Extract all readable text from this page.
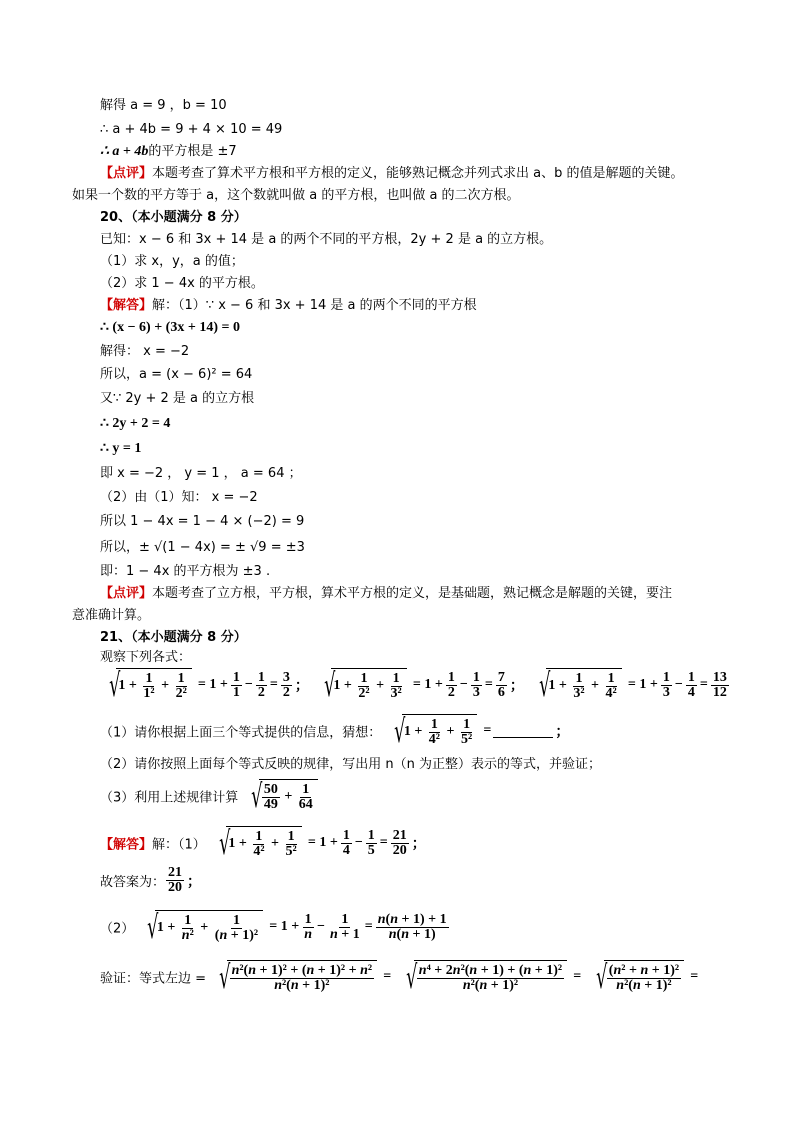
解得 a = 9 ，b = 10
∴ a + 4b = 9 + 4 × 10 = 49
∴ a + 4b的平方根是 ±7
【点评】本题考查了算术平方根和平方根的定义，能够熟记概念并列式求出 a、b 的值是解题的关键。
如果一个数的平方等于 a，这个数就叫做 a 的平方根，也叫做 a 的二次方根。
20、（本小题满分 8 分）
已知：x − 6 和 3x + 14 是 a 的两个不同的平方根，2y + 2 是 a 的立方根。
（1）求 x，y，a 的值；
（2）求 1 − 4x 的平方根。
【解答】解：（1）∵ x − 6 和 3x + 14 是 a 的两个不同的平方根
∴ (x − 6) + (3x + 14) = 0
解得： x = −2
所以，a = (x − 6)² = 64
又∵ 2y + 2 是 a 的立方根
∴ 2y + 2 = 4
∴ y = 1
即 x = −2 ， y = 1 ， a = 64 ；
（2）由（1）知： x = −2
所以 1 − 4x = 1 − 4 × (−2) = 9
所以，± √(1 − 4x) = ± √9 = ±3
即：1 − 4x 的平方根为 ±3 .
【点评】本题考查了立方根，平方根，算术平方根的定义，是基础题，熟记概念是解题的关键，要注
意准确计算。
21、（本小题满分 8 分）
观察下列各式：
√
$1 + \frac{1}{\text{1²}} + \frac{1}{\text{2²}} = 1 + \frac{1}{1} - \frac{1}{2} = \frac{3}{2}$ ； √
$1 + \frac{1}{\text{2²}} + \frac{1}{\text{3²}} = 1 + \frac{1}{2} - \frac{1}{3} = \frac{7}{6}$ ； √
$1 + \frac{1}{\text{3²}} + \frac{1}{\text{4²}} = 1 + \frac{1}{3} - \frac{1}{4} = \frac{13}{12}$
（1）请你根据上面三个等式提供的信息，猜想： √
$1 + \frac{1}{\text{4²}} + \frac{1}{\text{5²}}$ =	；
（2）请你按照上面每个等式反映的规律，写出用 n（n 为正整）表示的等式，并验证；
（3）利用上述规律计算 √ $\frac{50}{49} + \frac{1}{64}$
【解答】解：（1） √
$1 + \frac{1}{\text{4²}} + \frac{1}{\text{5²}} = 1 + \frac{1}{4} - \frac{1}{5} = \frac{21}{20}$ ；
故答案为： $\frac{21}{20}$ ；
（2） √
$1 + \frac{1}{\text{n²}} + \frac{1}{\text{(n + 1)²}} = 1 + \frac{1}{n} - \frac{1}{n + 1} = \frac{n(n + 1) + 1}{n(n + 1)}$
验证：等式左边 = √ $\frac{\text{n²(n + 1)² + (n + 1)² + n²}}{\text{n²(n + 1)²}}$ = √ $\frac{\text{n⁴ + 2n²(n + 1) + (n + 1)²}}{\text{n²(n + 1)²}}$ = √ $\frac{\text{(n² + n + 1)²}}{\text{n²(n + 1)²}}$ =
